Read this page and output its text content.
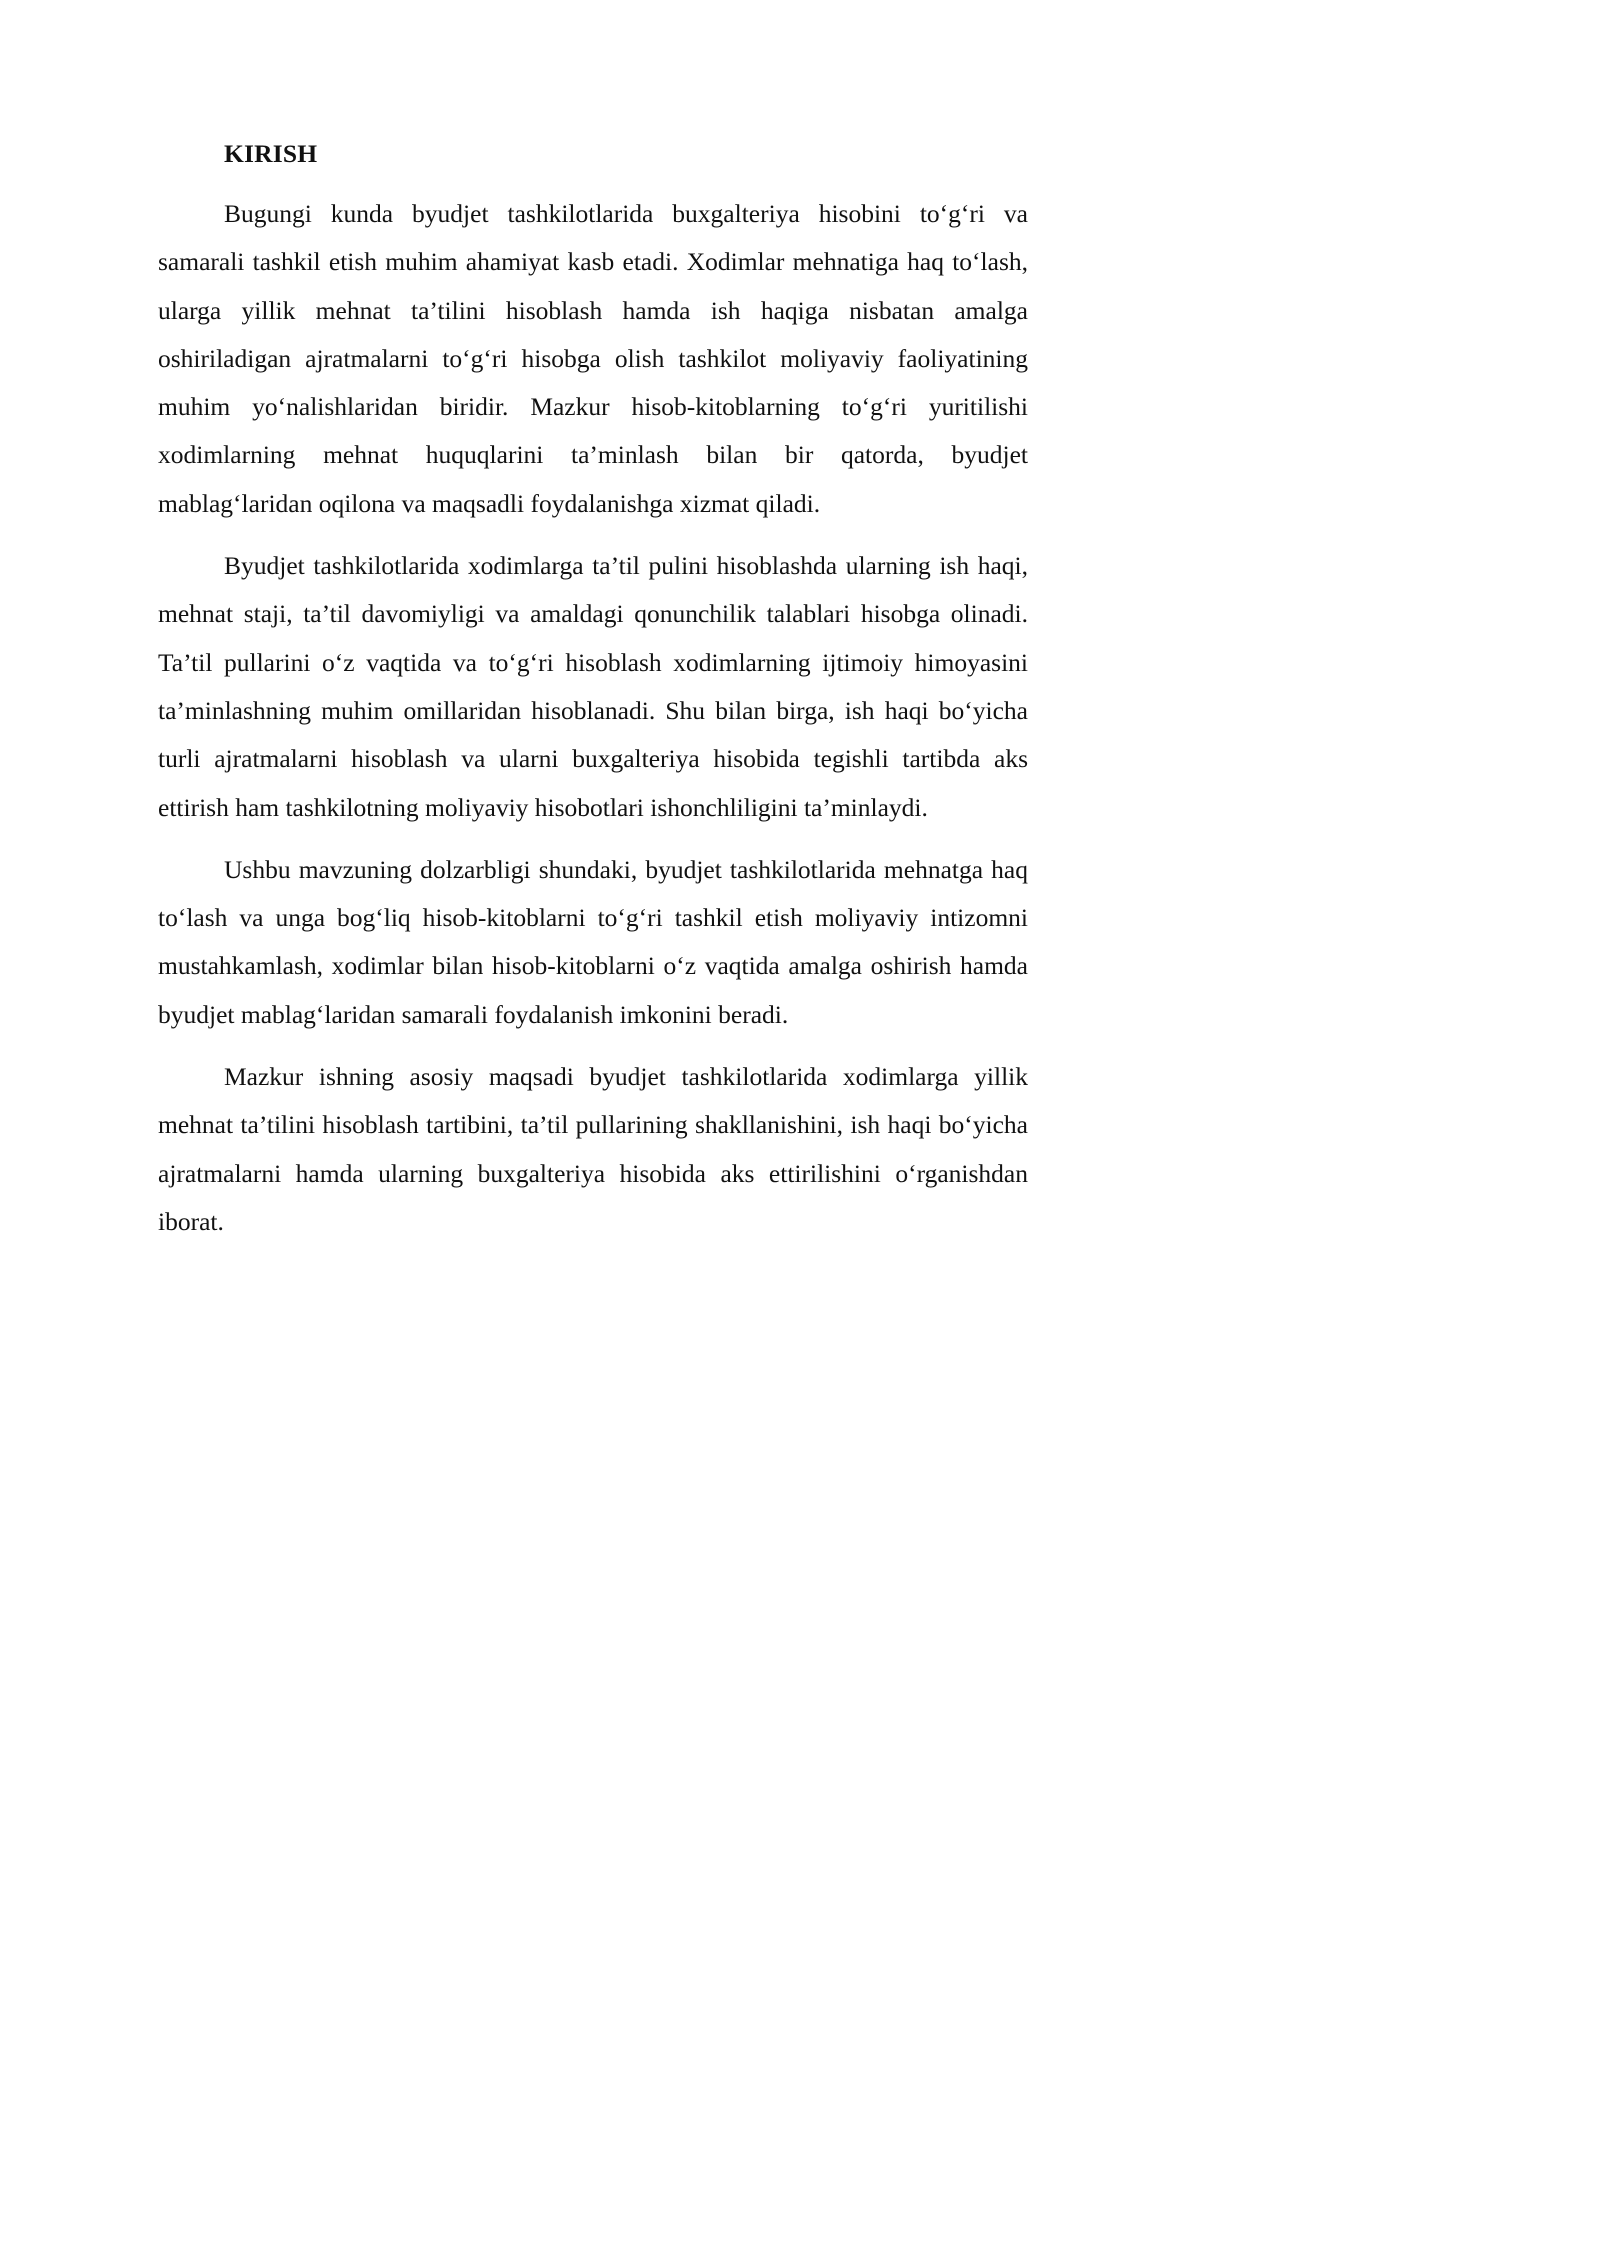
KIRISH

Bugungi kunda byudjet tashkilotlarida buxgalteriya hisobini to‘g‘ri va samarali tashkil etish muhim ahamiyat kasb etadi. Xodimlar mehnatiga haq to‘lash, ularga yillik mehnat ta’tilini hisoblash hamda ish haqiga nisbatan amalga oshiriladigan ajratmalarni to‘g‘ri hisobga olish tashkilot moliyaviy faoliyatining muhim yo‘nalishlaridan biridir. Mazkur hisob-kitoblarning to‘g‘ri yuritilishi xodimlarning mehnat huquqlarini ta’minlash bilan bir qatorda, byudjet mablag‘laridan oqilona va maqsadli foydalanishga xizmat qiladi.

Byudjet tashkilotlarida xodimlarga ta’til pulini hisoblashda ularning ish haqi, mehnat staji, ta’til davomiyligi va amaldagi qonunchilik talablari hisobga olinadi. Ta’til pullarini o‘z vaqtida va to‘g‘ri hisoblash xodimlarning ijtimoiy himoyasini ta’minlashning muhim omillaridan hisoblanadi. Shu bilan birga, ish haqi bo‘yicha turli ajratmalarni hisoblash va ularni buxgalteriya hisobida tegishli tartibda aks ettirish ham tashkilotning moliyaviy hisobotlari ishonchliligini ta’minlaydi.

Ushbu mavzuning dolzarbligi shundaki, byudjet tashkilotlarida mehnatga haq to‘lash va unga bog‘liq hisob-kitoblarni to‘g‘ri tashkil etish moliyaviy intizomni mustahkamlash, xodimlar bilan hisob-kitoblarni o‘z vaqtida amalga oshirish hamda byudjet mablag‘laridan samarali foydalanish imkonini beradi.

Mazkur ishning asosiy maqsadi byudjet tashkilotlarida xodimlarga yillik mehnat ta’tilini hisoblash tartibini, ta’til pullarining shakllanishini, ish haqi bo‘yicha ajratmalarni hamda ularning buxgalteriya hisobida aks ettirilishini o‘rganishdan iborat.
